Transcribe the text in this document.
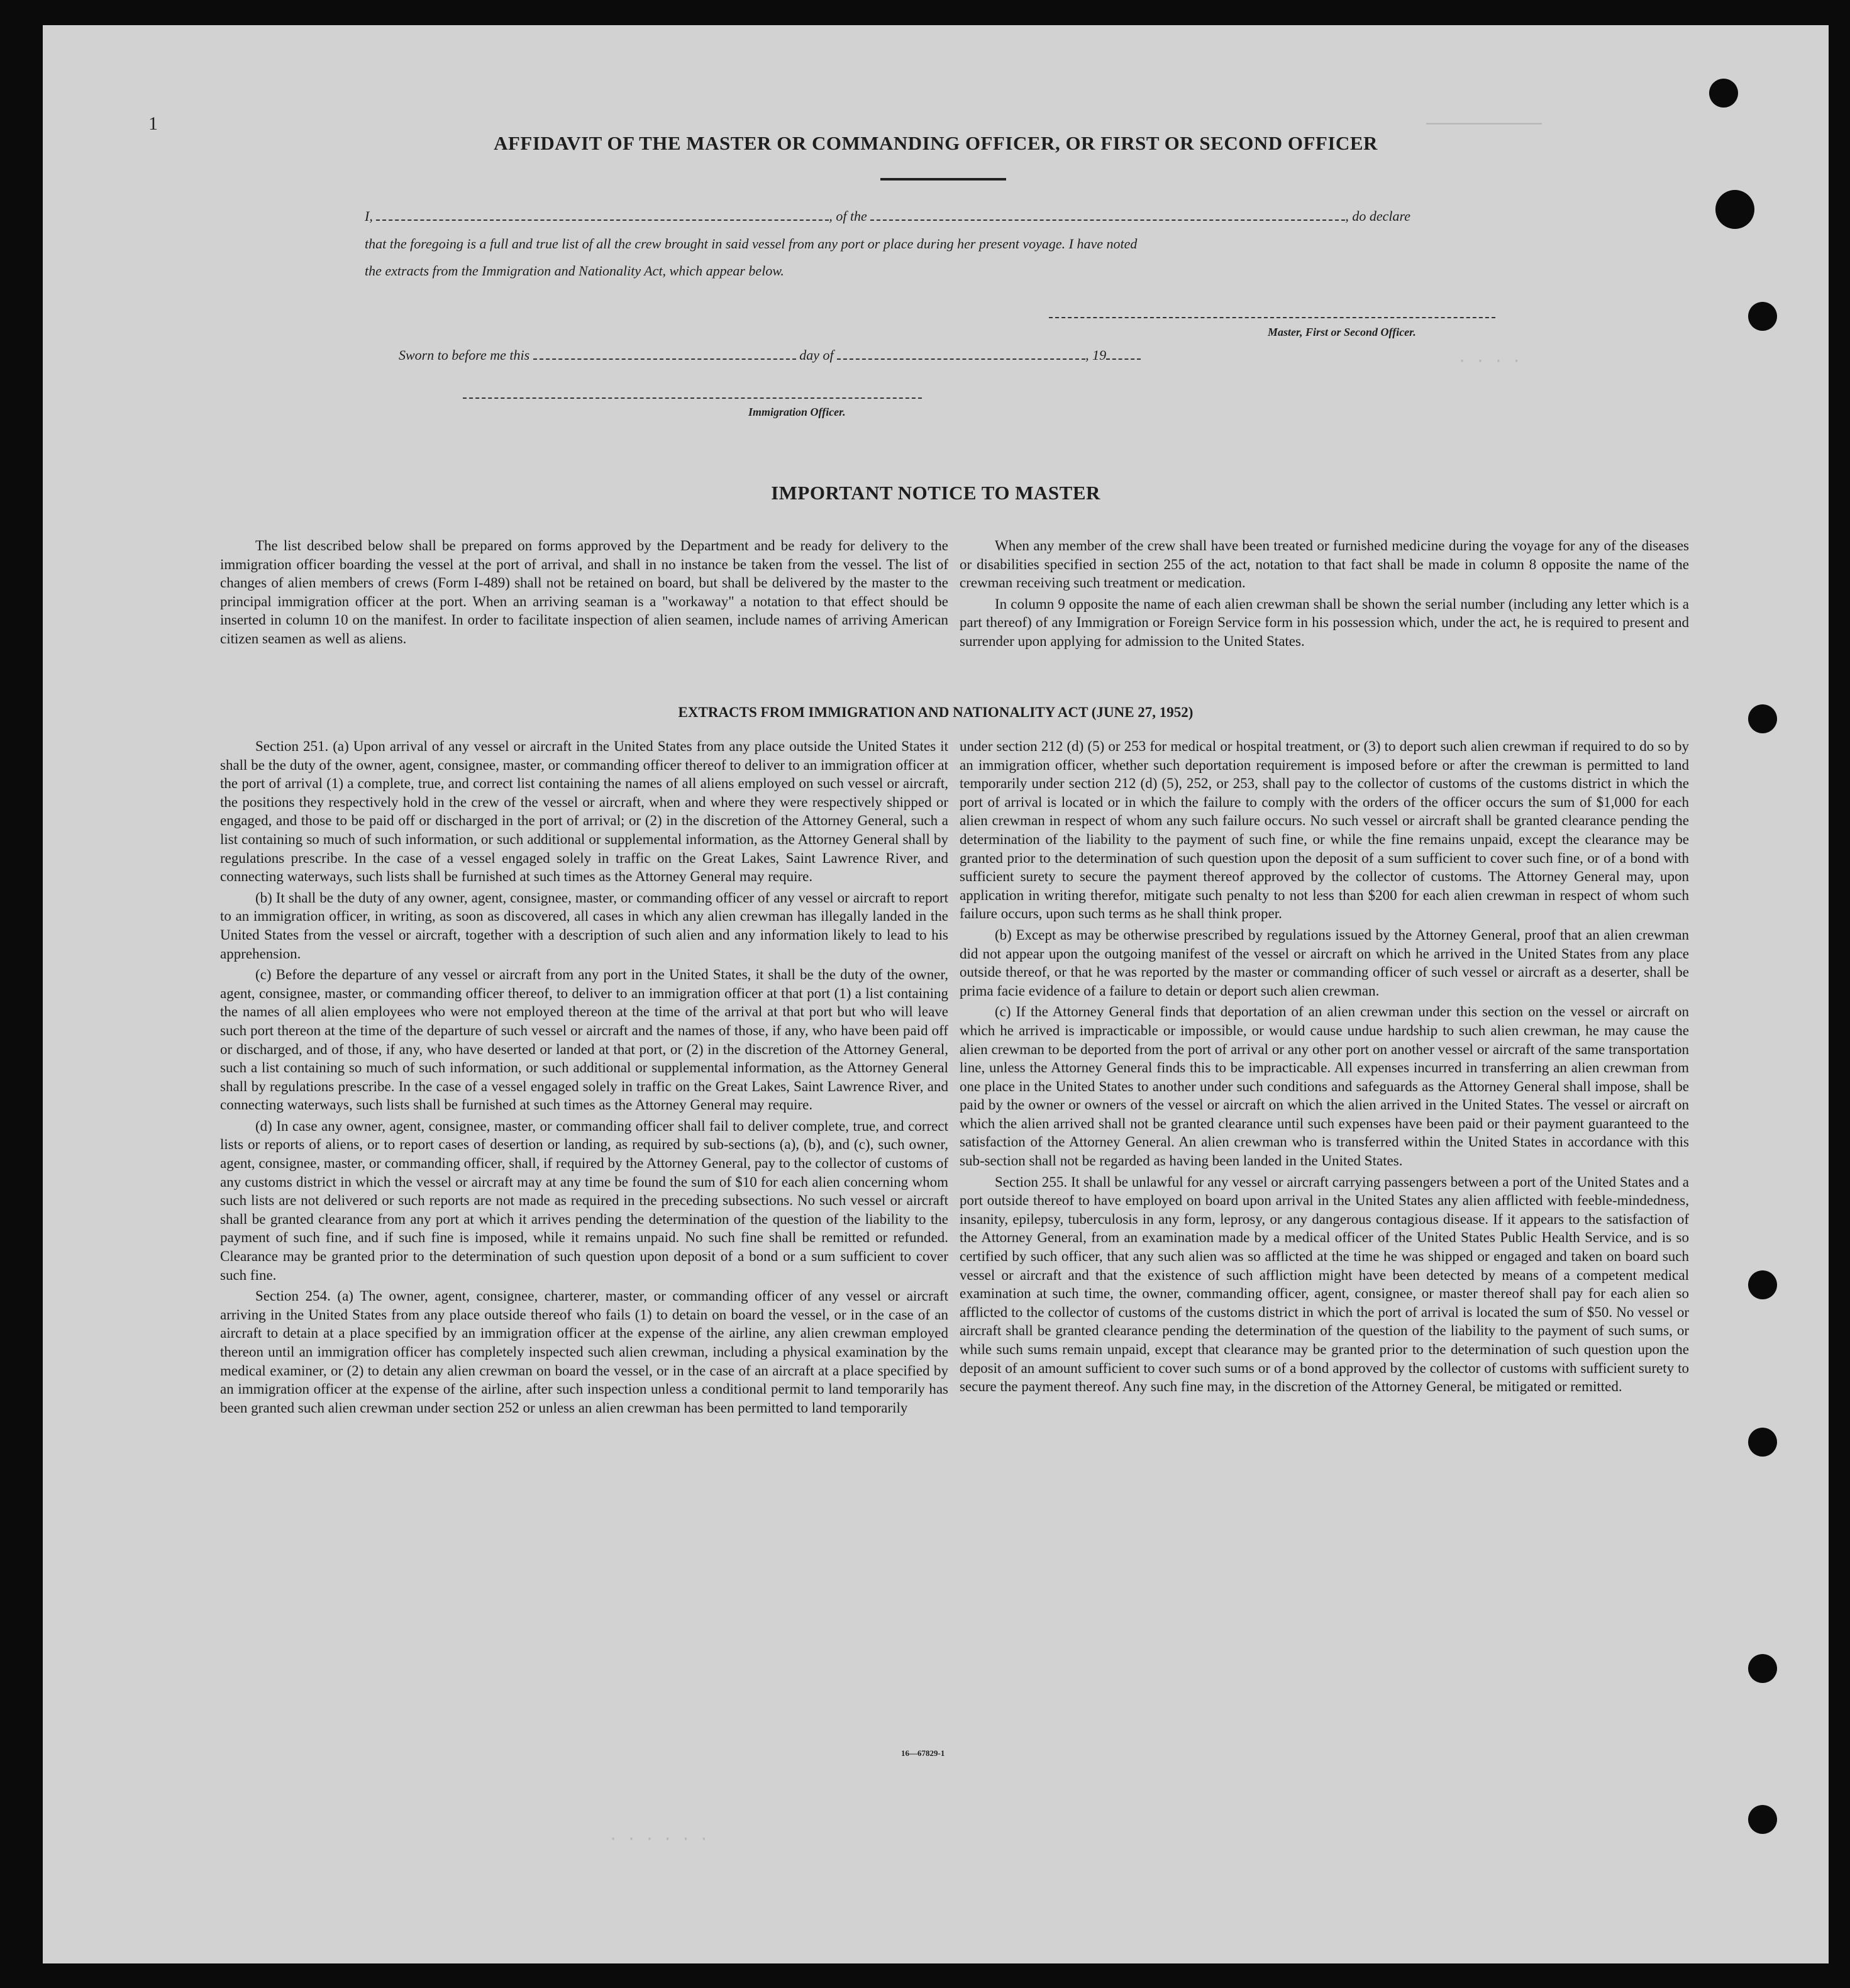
1	─────────
⋅ ⋅ ⋅ ⋅
⋅ ⋅ ⋅ ⋅ ⋅ ⋅
AFFIDAVIT OF THE MASTER OR COMMANDING OFFICER, OR FIRST OR SECOND OFFICER
I,	, of the	, do declare
that the foregoing is a full and true list of all the crew brought in said vessel from any port or place during her present voyage. I have noted
the extracts from the Immigration and Nationality Act, which appear below.
Master, First or Second Officer.
Sworn to before me this	day of	, 19
Immigration Officer.
IMPORTANT NOTICE TO MASTER

The list described below shall be prepared on forms approved by the Department and be ready for delivery to the immigration officer boarding the vessel at the port of arrival, and shall in no instance be taken from the vessel. The list of changes of alien members of crews (Form I-489) shall not be retained on board, but shall be delivered by the master to the principal immigration officer at the port. When an arriving seaman is a "workaway" a notation to that effect should be inserted in column 10 on the manifest. In order to facilitate inspection of alien seamen, include names of arriving American citizen seamen as well as aliens.

When any member of the crew shall have been treated or furnished medicine during the voyage for any of the diseases or disabilities specified in section 255 of the act, notation to that fact shall be made in column 8 opposite the name of the crewman receiving such treatment or medication.

In column 9 opposite the name of each alien crewman shall be shown the serial number (including any letter which is a part thereof) of any Immigration or Foreign Service form in his possession which, under the act, he is required to present and surrender upon applying for admission to the United States.

EXTRACTS FROM IMMIGRATION AND NATIONALITY ACT (JUNE 27, 1952)

Section 251. (a) Upon arrival of any vessel or aircraft in the United States from any place outside the United States it shall be the duty of the owner, agent, consignee, master, or commanding officer thereof to deliver to an immigration officer at the port of arrival (1) a complete, true, and correct list containing the names of all aliens employed on such vessel or aircraft, the positions they respectively hold in the crew of the vessel or aircraft, when and where they were respectively shipped or engaged, and those to be paid off or discharged in the port of arrival; or (2) in the discretion of the Attorney General, such a list containing so much of such information, or such additional or supplemental information, as the Attorney General shall by regulations prescribe. In the case of a vessel engaged solely in traffic on the Great Lakes, Saint Lawrence River, and connecting waterways, such lists shall be furnished at such times as the Attorney General may require.

(b) It shall be the duty of any owner, agent, consignee, master, or commanding officer of any vessel or aircraft to report to an immigration officer, in writing, as soon as discovered, all cases in which any alien crewman has illegally landed in the United States from the vessel or aircraft, together with a description of such alien and any information likely to lead to his apprehension.

(c) Before the departure of any vessel or aircraft from any port in the United States, it shall be the duty of the owner, agent, consignee, master, or commanding officer thereof, to deliver to an immigration officer at that port (1) a list containing the names of all alien employees who were not employed thereon at the time of the arrival at that port but who will leave such port thereon at the time of the departure of such vessel or aircraft and the names of those, if any, who have been paid off or discharged, and of those, if any, who have deserted or landed at that port, or (2) in the discretion of the Attorney General, such a list containing so much of such information, or such additional or supplemental information, as the Attorney General shall by regulations prescribe. In the case of a vessel engaged solely in traffic on the Great Lakes, Saint Lawrence River, and connecting waterways, such lists shall be furnished at such times as the Attorney General may require.

(d) In case any owner, agent, consignee, master, or commanding officer shall fail to deliver complete, true, and correct lists or reports of aliens, or to report cases of desertion or landing, as required by sub-sections (a), (b), and (c), such owner, agent, consignee, master, or commanding officer, shall, if required by the Attorney General, pay to the collector of customs of any customs district in which the vessel or aircraft may at any time be found the sum of $10 for each alien concerning whom such lists are not delivered or such reports are not made as required in the preceding subsections. No such vessel or aircraft shall be granted clearance from any port at which it arrives pending the determination of the question of the liability to the payment of such fine, and if such fine is imposed, while it remains unpaid. No such fine shall be remitted or refunded. Clearance may be granted prior to the determination of such question upon deposit of a bond or a sum sufficient to cover such fine.

Section 254. (a) The owner, agent, consignee, charterer, master, or commanding officer of any vessel or aircraft arriving in the United States from any place outside thereof who fails (1) to detain on board the vessel, or in the case of an aircraft to detain at a place specified by an immigration officer at the expense of the airline, any alien crewman employed thereon until an immigration officer has completely inspected such alien crewman, including a physical examination by the medical examiner, or (2) to detain any alien crewman on board the vessel, or in the case of an aircraft at a place specified by an immigration officer at the expense of the airline, after such inspection unless a conditional permit to land temporarily has been granted such alien crewman under section 252 or unless an alien crewman has been permitted to land temporarily

under section 212 (d) (5) or 253 for medical or hospital treatment, or (3) to deport such alien crewman if required to do so by an immigration officer, whether such deportation requirement is imposed before or after the crewman is permitted to land temporarily under section 212 (d) (5), 252, or 253, shall pay to the collector of customs of the customs district in which the port of arrival is located or in which the failure to comply with the orders of the officer occurs the sum of $1,000 for each alien crewman in respect of whom any such failure occurs. No such vessel or aircraft shall be granted clearance pending the determination of the liability to the payment of such fine, or while the fine remains unpaid, except the clearance may be granted prior to the determination of such question upon the deposit of a sum sufficient to cover such fine, or of a bond with sufficient surety to secure the payment thereof approved by the collector of customs. The Attorney General may, upon application in writing therefor, mitigate such penalty to not less than $200 for each alien crewman in respect of whom such failure occurs, upon such terms as he shall think proper.

(b) Except as may be otherwise prescribed by regulations issued by the Attorney General, proof that an alien crewman did not appear upon the outgoing manifest of the vessel or aircraft on which he arrived in the United States from any place outside thereof, or that he was reported by the master or commanding officer of such vessel or aircraft as a deserter, shall be prima facie evidence of a failure to detain or deport such alien crewman.

(c) If the Attorney General finds that deportation of an alien crewman under this section on the vessel or aircraft on which he arrived is impracticable or impossible, or would cause undue hardship to such alien crewman, he may cause the alien crewman to be deported from the port of arrival or any other port on another vessel or aircraft of the same transportation line, unless the Attorney General finds this to be impracticable. All expenses incurred in transferring an alien crewman from one place in the United States to another under such conditions and safeguards as the Attorney General shall impose, shall be paid by the owner or owners of the vessel or aircraft on which the alien arrived in the United States. The vessel or aircraft on which the alien arrived shall not be granted clearance until such expenses have been paid or their payment guaranteed to the satisfaction of the Attorney General. An alien crewman who is transferred within the United States in accordance with this sub-section shall not be regarded as having been landed in the United States.

Section 255. It shall be unlawful for any vessel or aircraft carrying passengers between a port of the United States and a port outside thereof to have employed on board upon arrival in the United States any alien afflicted with feeble-mindedness, insanity, epilepsy, tuberculosis in any form, leprosy, or any dangerous contagious disease. If it appears to the satisfaction of the Attorney General, from an examination made by a medical officer of the United States Public Health Service, and is so certified by such officer, that any such alien was so afflicted at the time he was shipped or engaged and taken on board such vessel or aircraft and that the existence of such affliction might have been detected by means of a competent medical examination at such time, the owner, commanding officer, agent, consignee, or master thereof shall pay for each alien so afflicted to the collector of customs of the customs district in which the port of arrival is located the sum of $50. No vessel or aircraft shall be granted clearance pending the determination of the question of the liability to the payment of such sums, or while such sums remain unpaid, except that clearance may be granted prior to the determination of such question upon the deposit of an amount sufficient to cover such sums or of a bond approved by the collector of customs with sufficient surety to secure the payment thereof. Any such fine may, in the discretion of the Attorney General, be mitigated or remitted.

16—67829-1
